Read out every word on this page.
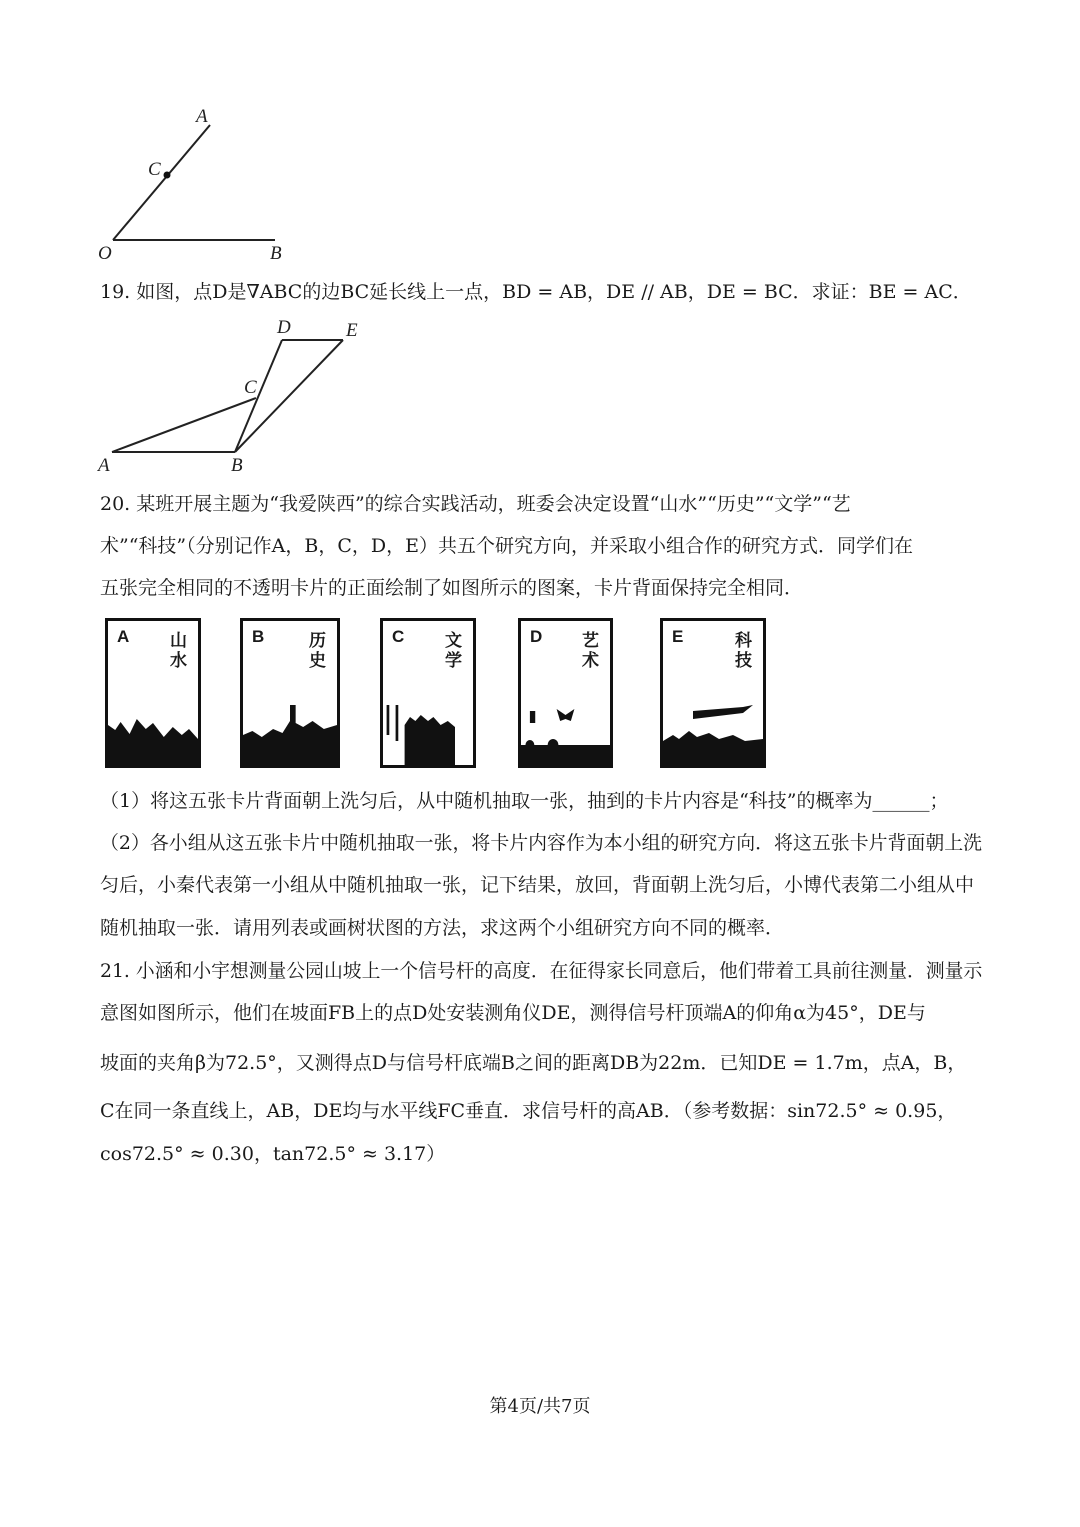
A
C
O	B
19. 如图，点D是∇ABC的边BC延长线上一点，BD = AB，DE // AB，DE = BC．求证：BE = AC．
D	E
C
A	B
20. 某班开展主题为“我爱陕西”的综合实践活动，班委会决定设置“山水”“历史”“文学”“艺
术”“科技”（分别记作A，B，C，D，E）共五个研究方向，并采取小组合作的研究方式．同学们在
五张完全相同的不透明卡片的正面绘制了如图所示的图案，卡片背面保持完全相同．
A 山水
B	历史
C 文学
D 艺术
E	科技
（1）将这五张卡片背面朝上洗匀后，从中随机抽取一张，抽到的卡片内容是“科技”的概率为______；
（2）各小组从这五张卡片中随机抽取一张，将卡片内容作为本小组的研究方向．将这五张卡片背面朝上洗
匀后，小秦代表第一小组从中随机抽取一张，记下结果，放回，背面朝上洗匀后，小博代表第二小组从中
随机抽取一张．请用列表或画树状图的方法，求这两个小组研究方向不同的概率．
21. 小涵和小宇想测量公园山坡上一个信号杆的高度．在征得家长同意后，他们带着工具前往测量．测量示
意图如图所示，他们在坡面FB上的点D处安装测角仪DE，测得信号杆顶端A的仰角α为45°，DE与
坡面的夹角β为72.5°，又测得点D与信号杆底端B之间的距离DB为22m．已知DE = 1.7m，点A，B，
C在同一条直线上，AB，DE均与水平线FC垂直．求信号杆的高AB．（参考数据：sin72.5° ≈ 0.95，
cos72.5° ≈ 0.30，tan72.5° ≈ 3.17）
第4页/共7页
